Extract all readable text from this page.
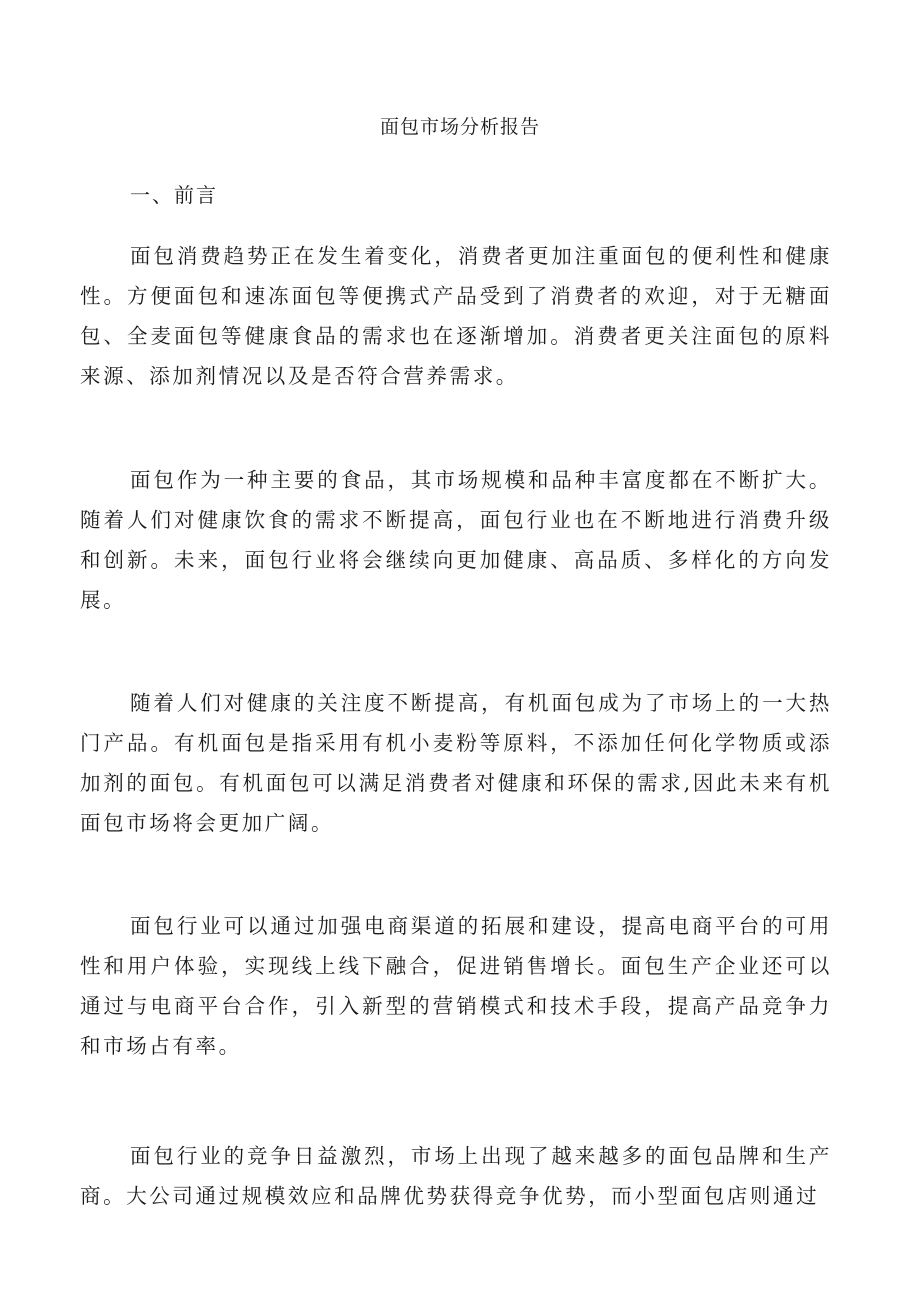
面包市场分析报告
一、前言

面包消费趋势正在发生着变化，消费者更加注重面包的便利性和健康性。方便面包和速冻面包等便携式产品受到了消费者的欢迎，对于无糖面包、全麦面包等健康食品的需求也在逐渐增加。消费者更关注面包的原料来源、添加剂情况以及是否符合营养需求。

面包作为一种主要的食品，其市场规模和品种丰富度都在不断扩大。随着人们对健康饮食的需求不断提高，面包行业也在不断地进行消费升级和创新。未来，面包行业将会继续向更加健康、高品质、多样化的方向发展。

随着人们对健康的关注度不断提高，有机面包成为了市场上的一大热门产品。有机面包是指采用有机小麦粉等原料，不添加任何化学物质或添加剂的面包。有机面包可以满足消费者对健康和环保的需求,因此未来有机面包市场将会更加广阔。

面包行业可以通过加强电商渠道的拓展和建设，提高电商平台的可用性和用户体验，实现线上线下融合，促进销售增长。面包生产企业还可以通过与电商平台合作，引入新型的营销模式和技术手段，提高产品竞争力和市场占有率。

面包行业的竞争日益激烈，市场上出现了越来越多的面包品牌和生产商。大公司通过规模效应和品牌优势获得竞争优势，而小型面包店则通过
